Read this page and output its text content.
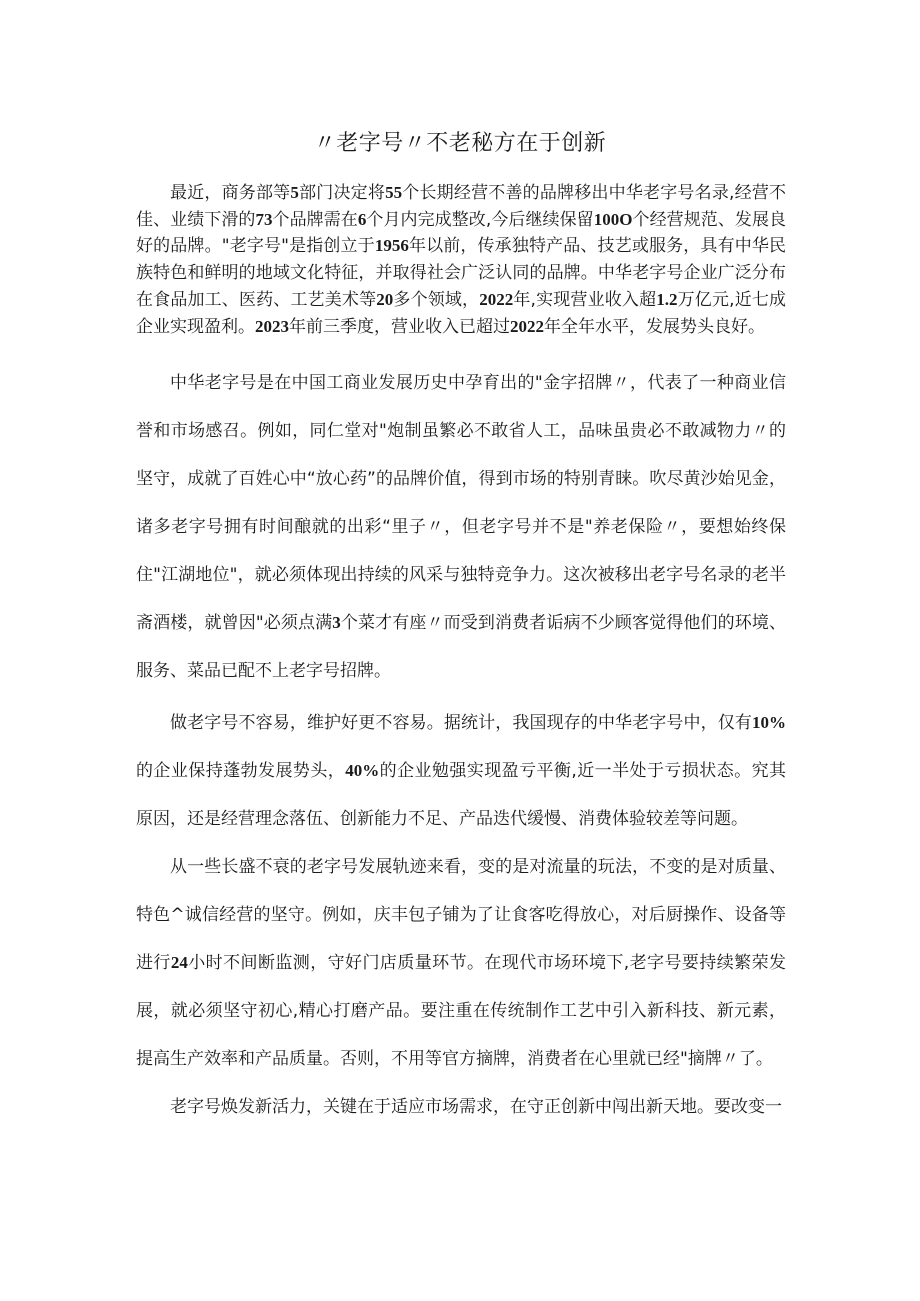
〃老字号〃不老秘方在于创新

最近，商务部等5部门决定将55个长期经营不善的品牌移出中华老字号名录,经营不佳、业绩下滑的73个品牌需在6个月内完成整改,今后继续保留100O个经营规范、发展良好的品牌。"老字号"是指创立于1956年以前，传承独特产品、技艺或服务，具有中华民族特色和鲜明的地域文化特征，并取得社会广泛认同的品牌。中华老字号企业广泛分布在食品加工、医药、工艺美术等20多个领域，2022年,实现营业收入超1.2万亿元,近七成企业实现盈利。2023年前三季度，营业收入已超过2022年全年水平，发展势头良好。

中华老字号是在中国工商业发展历史中孕育出的"金字招牌〃，代表了一种商业信誉和市场感召。例如，同仁堂对"炮制虽繁必不敢省人工，品味虽贵必不敢减物力〃的坚守，成就了百姓心中“放心药”的品牌价值，得到市场的特别青睐。吹尽黄沙始见金，诸多老字号拥有时间酿就的出彩“里子〃，但老字号并不是"养老保险〃，要想始终保住"江湖地位"，就必须体现出持续的风采与独特竞争力。这次被移出老字号名录的老半斋酒楼，就曾因"必须点满3个菜才有座〃而受到消费者诟病不少顾客觉得他们的环境、服务、菜品已配不上老字号招牌。

做老字号不容易，维护好更不容易。据统计，我国现存的中华老字号中，仅有10%的企业保持蓬勃发展势头，40%的企业勉强实现盈亏平衡,近一半处于亏损状态。究其原因，还是经营理念落伍、创新能力不足、产品迭代缓慢、消费体验较差等问题。

从一些长盛不衰的老字号发展轨迹来看，变的是对流量的玩法，不变的是对质量、特色^诚信经营的坚守。例如，庆丰包子铺为了让食客吃得放心，对后厨操作、设备等进行24小时不间断监测，守好门店质量环节。在现代市场环境下,老字号要持续繁荣发展，就必须坚守初心,精心打磨产品。要注重在传统制作工艺中引入新科技、新元素，提高生产效率和产品质量。否则，不用等官方摘牌，消费者在心里就已经"摘牌〃了。

老字号焕发新活力，关键在于适应市场需求，在守正创新中闯出新天地。要改变一
